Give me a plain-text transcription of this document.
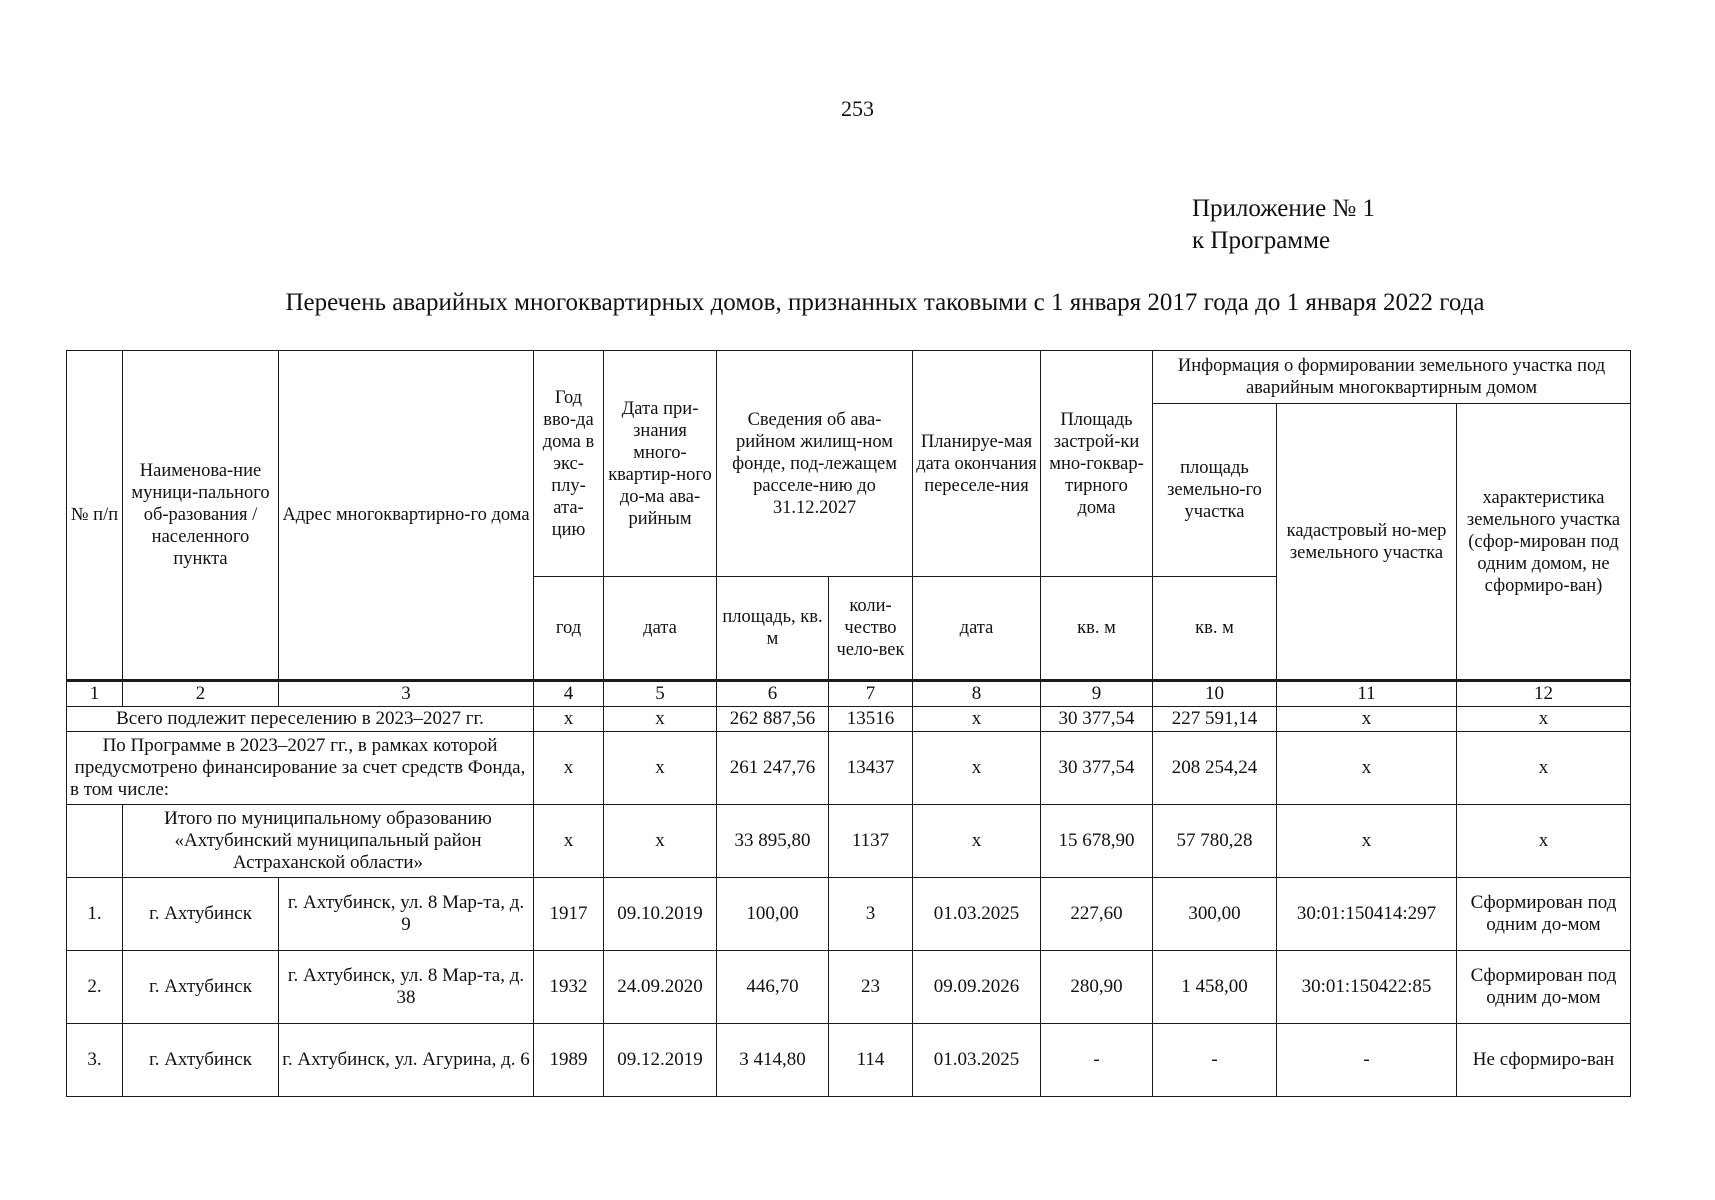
253
Приложение № 1
к Программе
Перечень аварийных многоквартирных домов, признанных таковыми с 1 января 2017 года до 1 января 2022 года
№ п/п	Наименова-ние муници-пального об-разования / населенного пункта	Адрес многоквартирно-го дома	Год вво-да дома в экс-плу-ата-цию	Дата при-знания много-квартир-ного до-ма ава-рийным	Сведения об ава-рийном жилищ-ном фонде, под-лежащем расселе-нию до 31.12.2027		Планируе-мая дата окончания переселе-ния	Площадь застрой-ки мно-гоквар-тирного дома	Информация о формировании земельного участка под аварийным многоквартирным домом		
									площадь земельно-го участка	кадастровый но-мер земельного участка	характеристика земельного участка (сфор-мирован под одним домом, не сформиро-ван)
			год	дата	площадь, кв. м	коли-чество чело-век	дата	кв. м	кв. м		
1	2	3	4	5	6	7	8	9	10	11	12
Всего подлежит переселению в 2023–2027 гг.			х	х	262 887,56	13516	х	30 377,54	227 591,14	х	х
По Программе в 2023–2027 гг., в рамках которой предусмотрено финансирование за счет средств Фонда, в том числе:			х	х	261 247,76	13437	х	30 377,54	208 254,24	х	х
	Итого по муниципальному образованию «Ахтубинский муниципальный район Астраханской области»		х	х	33 895,80	1137	х	15 678,90	57 780,28	х	х
1.	г. Ахтубинск	г. Ахтубинск, ул. 8 Мар-та, д. 9	1917	09.10.2019	100,00	3	01.03.2025	227,60	300,00	30:01:150414:297	Сформирован под одним до-мом
2.	г. Ахтубинск	г. Ахтубинск, ул. 8 Мар-та, д. 38	1932	24.09.2020	446,70	23	09.09.2026	280,90	1 458,00	30:01:150422:85	Сформирован под одним до-мом
3.	г. Ахтубинск	г. Ахтубинск, ул. Агурина, д. 6	1989	09.12.2019	3 414,80	114	01.03.2025	-	-	-	Не сформиро-ван
